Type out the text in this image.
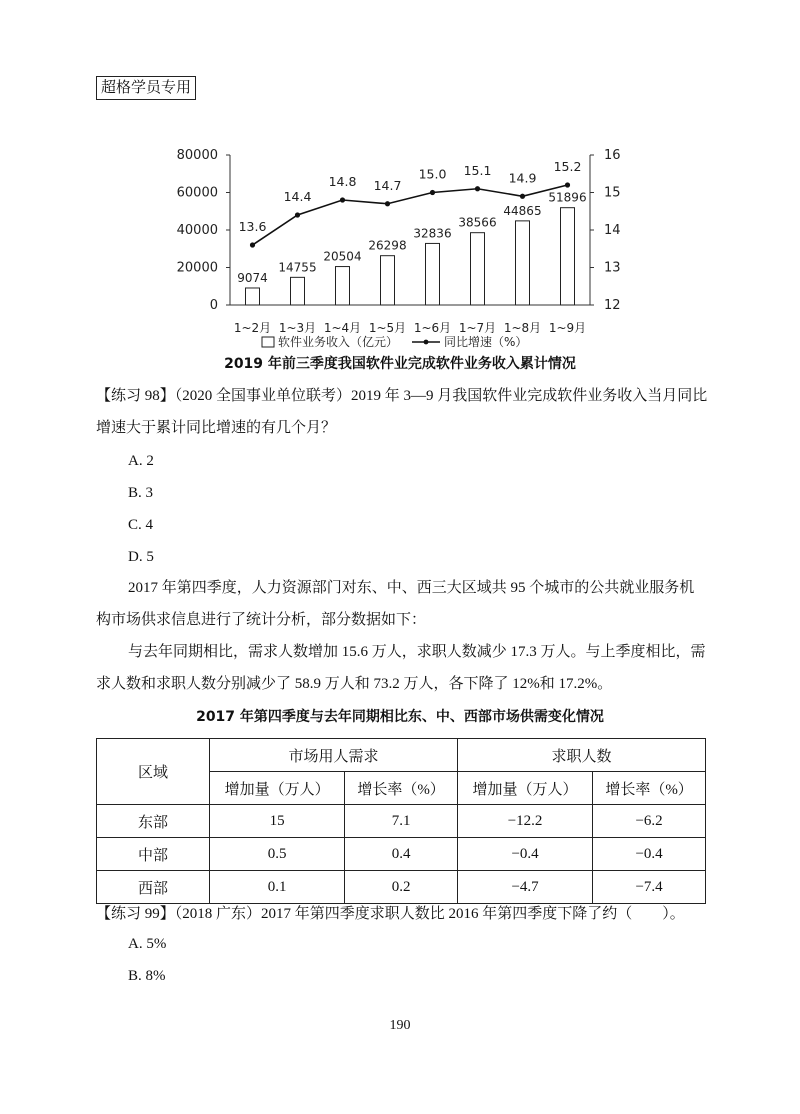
超格学员专用
0
20000
40000
60000
80000
12
13
14
15
16
9074
14755
20504
26298
32836
38566
44865
51896
1~2月 1~3月 1~4月 1~5月 1~6月 1~7月 1~8月 1~9月
13.6
14.4
14.8 14.7
15.0 15.1 14.9
15.2
软件业务收入（亿元）	同比增速（%）
2019 年前三季度我国软件业完成软件业务收入累计情况
【练习 98】（2020 全国事业单位联考）2019 年 3—9 月我国软件业完成软件业务收入当月同比增速大于累计同比增速的有几个月？
A. 2
B. 3
C. 4
D. 5
2017 年第四季度，人力资源部门对东、中、西三大区域共 95 个城市的公共就业服务机构市场供求信息进行了统计分析，部分数据如下：
与去年同期相比，需求人数增加 15.6 万人，求职人数减少 17.3 万人。与上季度相比，需求人数和求职人数分别减少了 58.9 万人和 73.2 万人，各下降了 12%和 17.2%。
2017 年第四季度与去年同期相比东、中、西部市场供需变化情况
区域	市场用人需求		求职人数	
	增加量（万人）	增长率（%）	增加量（万人）	增长率（%）
东部	15	7.1	−12.2	−6.2
中部	0.5	0.4	−0.4	−0.4
西部	0.1	0.2	−4.7	−7.4
【练习 99】（2018 广东）2017 年第四季度求职人数比 2016 年第四季度下降了约（　　）。
A. 5%
B. 8%
190
